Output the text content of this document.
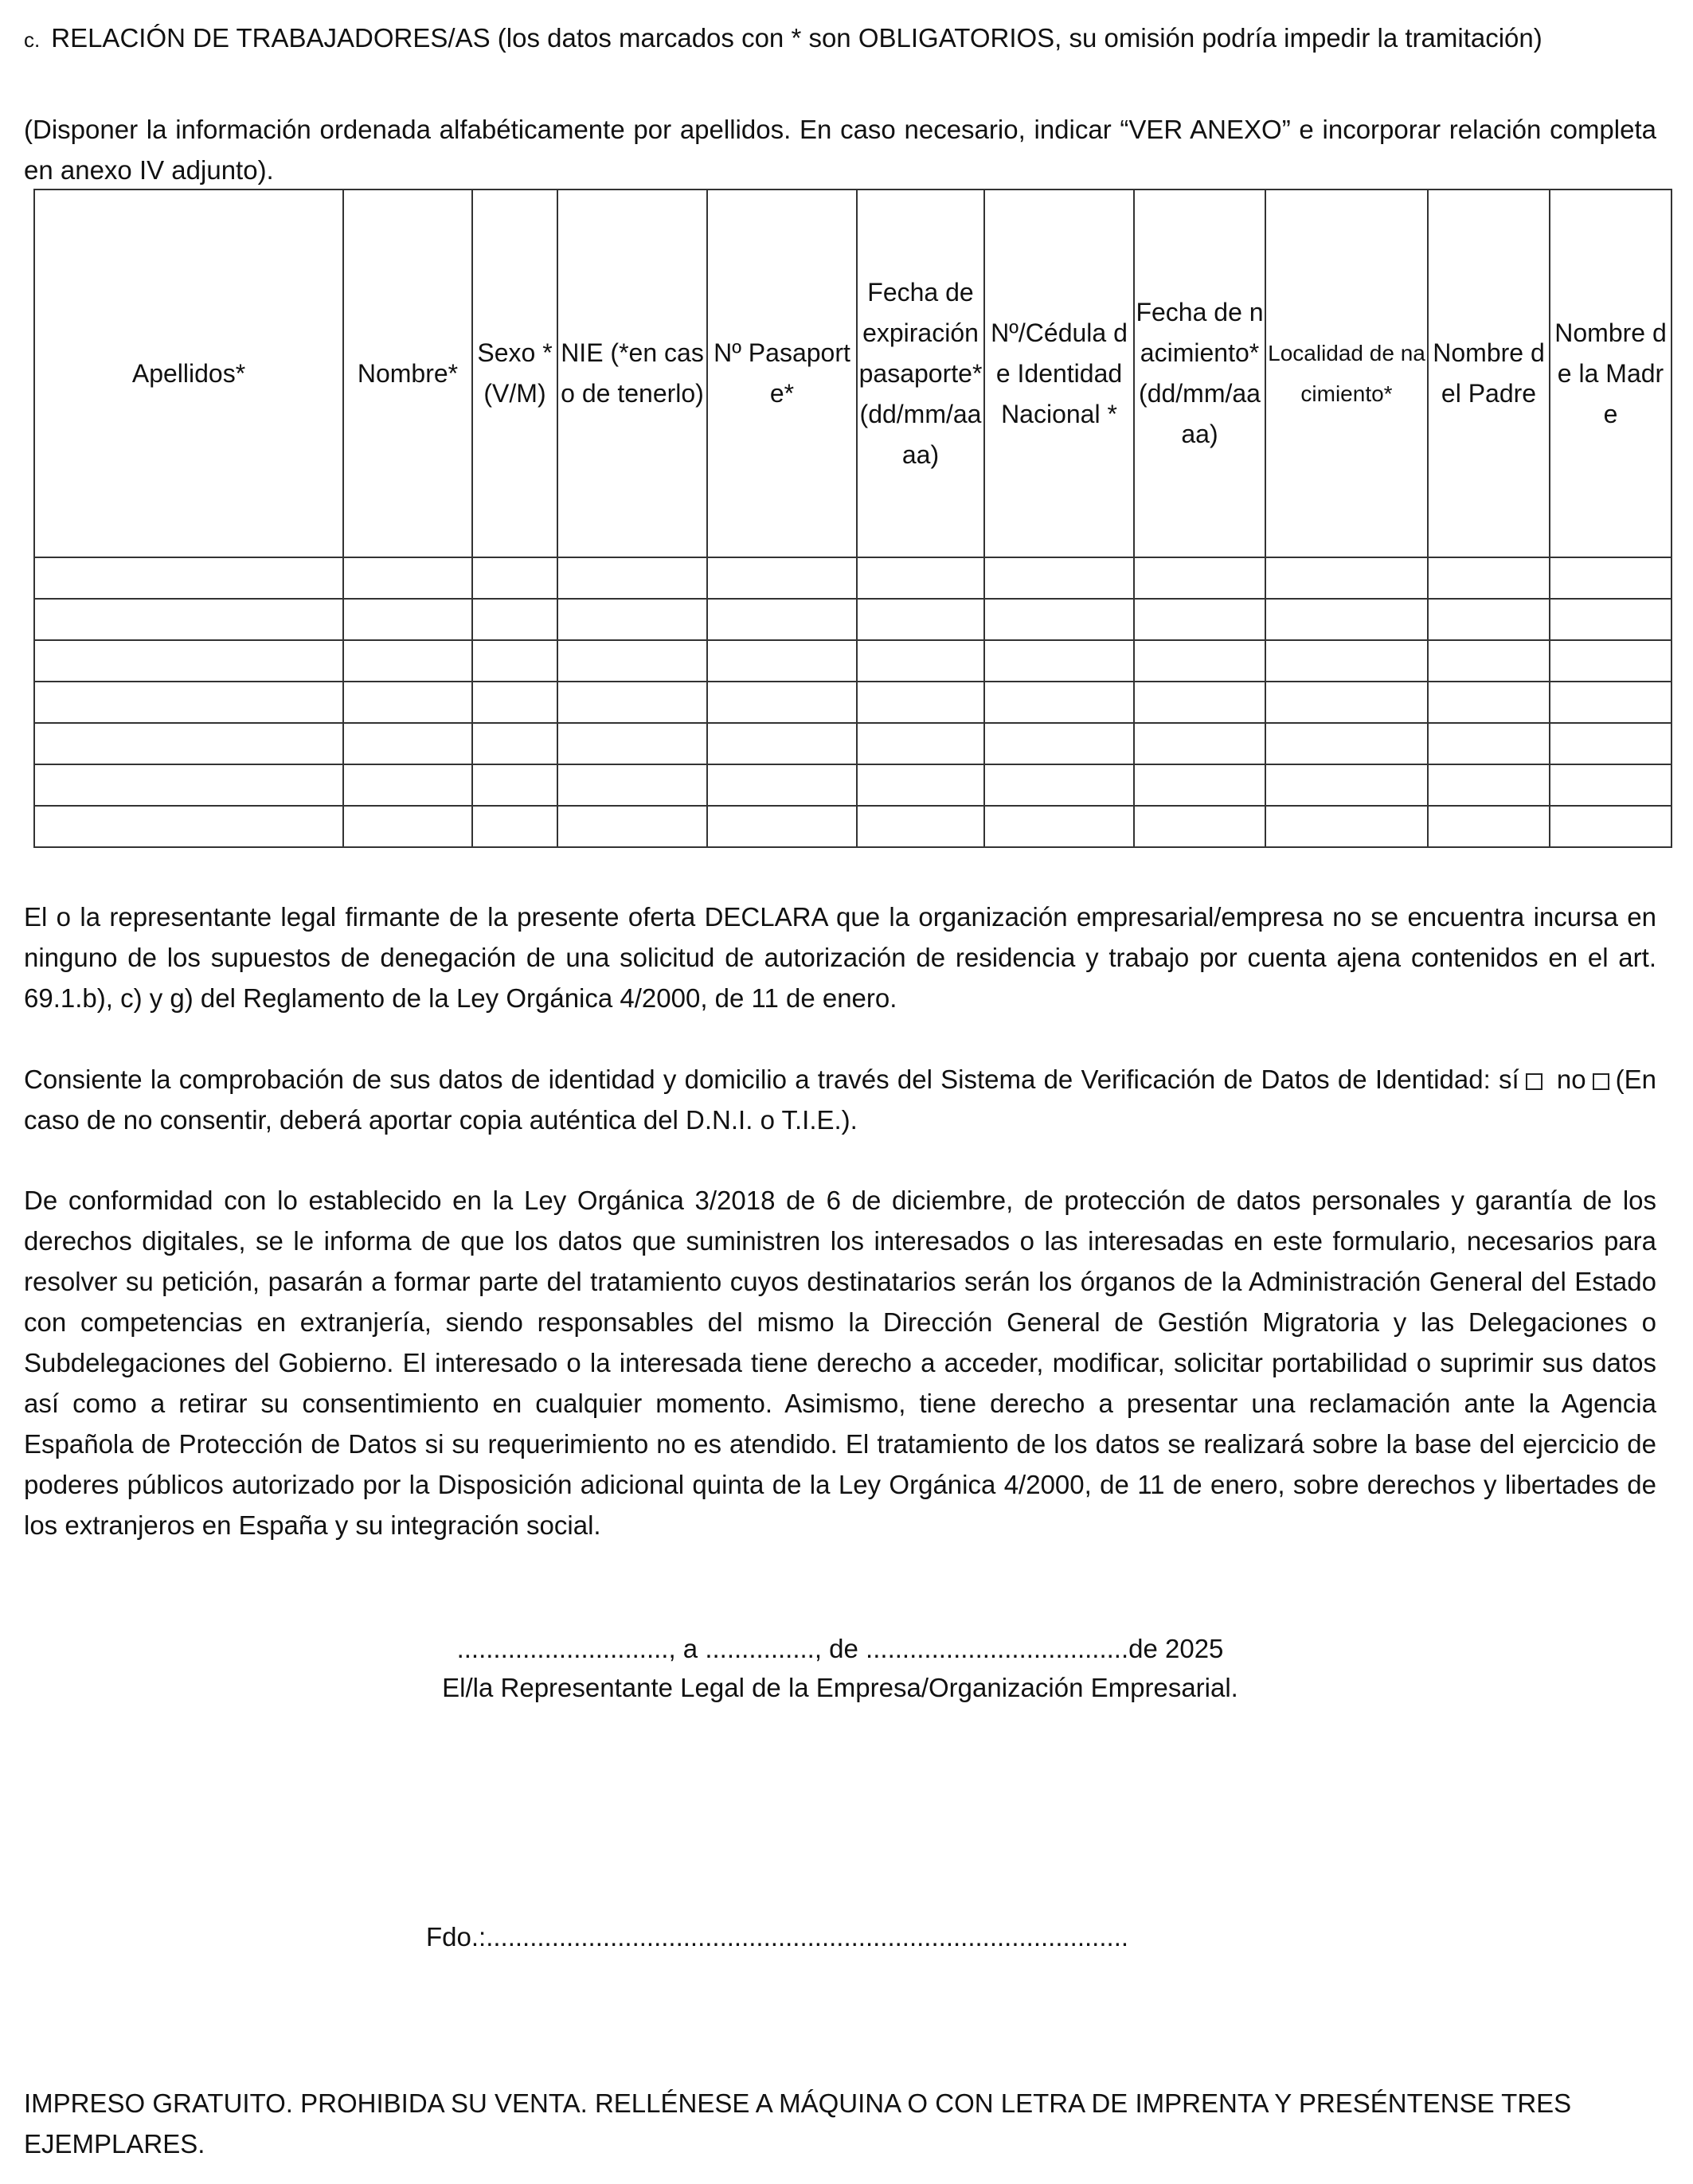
c. RELACIÓN DE TRABAJADORES/AS (los datos marcados con * son OBLIGATORIOS, su omisión podría impedir la tramitación)

(Disponer la información ordenada alfabéticamente por apellidos. En caso necesario, indicar “VER ANEXO” e incorporar relación completa en anexo IV adjunto).
Apellidos*	Nombre*	Sexo * (V/M)	NIE (*en caso de tenerlo)	Nº Pasaporte*	Fecha de expiración pasaporte* (dd/mm/aaaa)	Nº/Cédula de Identidad Nacional *	Fecha de nacimiento* (dd/mm/aaaa)	Localidad de nacimiento*	Nombre del Padre	Nombre de la Madre

El o la representante legal firmante de la presente oferta DECLARA que la organización empresarial/empresa no se encuentra incursa en ninguno de los supuestos de denegación de una solicitud de autorización de residencia y trabajo por cuenta ajena contenidos en el art. 69.1.b), c) y g) del Reglamento de la Ley Orgánica 4/2000, de 11 de enero.
Consiente la comprobación de sus datos de identidad y domicilio a través del Sistema de Verificación de Datos de Identidad: sí no (En caso de no consentir, deberá aportar copia auténtica del D.N.I. o T.I.E.).
De conformidad con lo establecido en la Ley Orgánica 3/2018 de 6 de diciembre, de protección de datos personales y garantía de los derechos digitales, se le informa de que los datos que suministren los interesados o las interesadas en este formulario, necesarios para resolver su petición, pasarán a formar parte del tratamiento cuyos destinatarios serán los órganos de la Administración General del Estado con competencias en extranjería, siendo responsables del mismo la Dirección General de Gestión Migratoria y las Delegaciones o Subdelegaciones del Gobierno. El interesado o la interesada tiene derecho a acceder, modificar, solicitar portabilidad o suprimir sus datos así como a retirar su consentimiento en cualquier momento. Asimismo, tiene derecho a presentar una reclamación ante la Agencia Española de Protección de Datos si su requerimiento no es atendido. El tratamiento de los datos se realizará sobre la base del ejercicio de poderes públicos autorizado por la Disposición adicional quinta de la Ley Orgánica 4/2000, de 11 de enero, sobre derechos y libertades de los extranjeros en España y su integración social.
............................., a ..............., de ....................................de 2025
El/la Representante Legal de la Empresa/Organización Empresarial.
Fdo.:........................................................................................
IMPRESO GRATUITO. PROHIBIDA SU VENTA. RELLÉNESE A MÁQUINA O CON LETRA DE IMPRENTA Y PRESÉNTENSE TRES EJEMPLARES.
